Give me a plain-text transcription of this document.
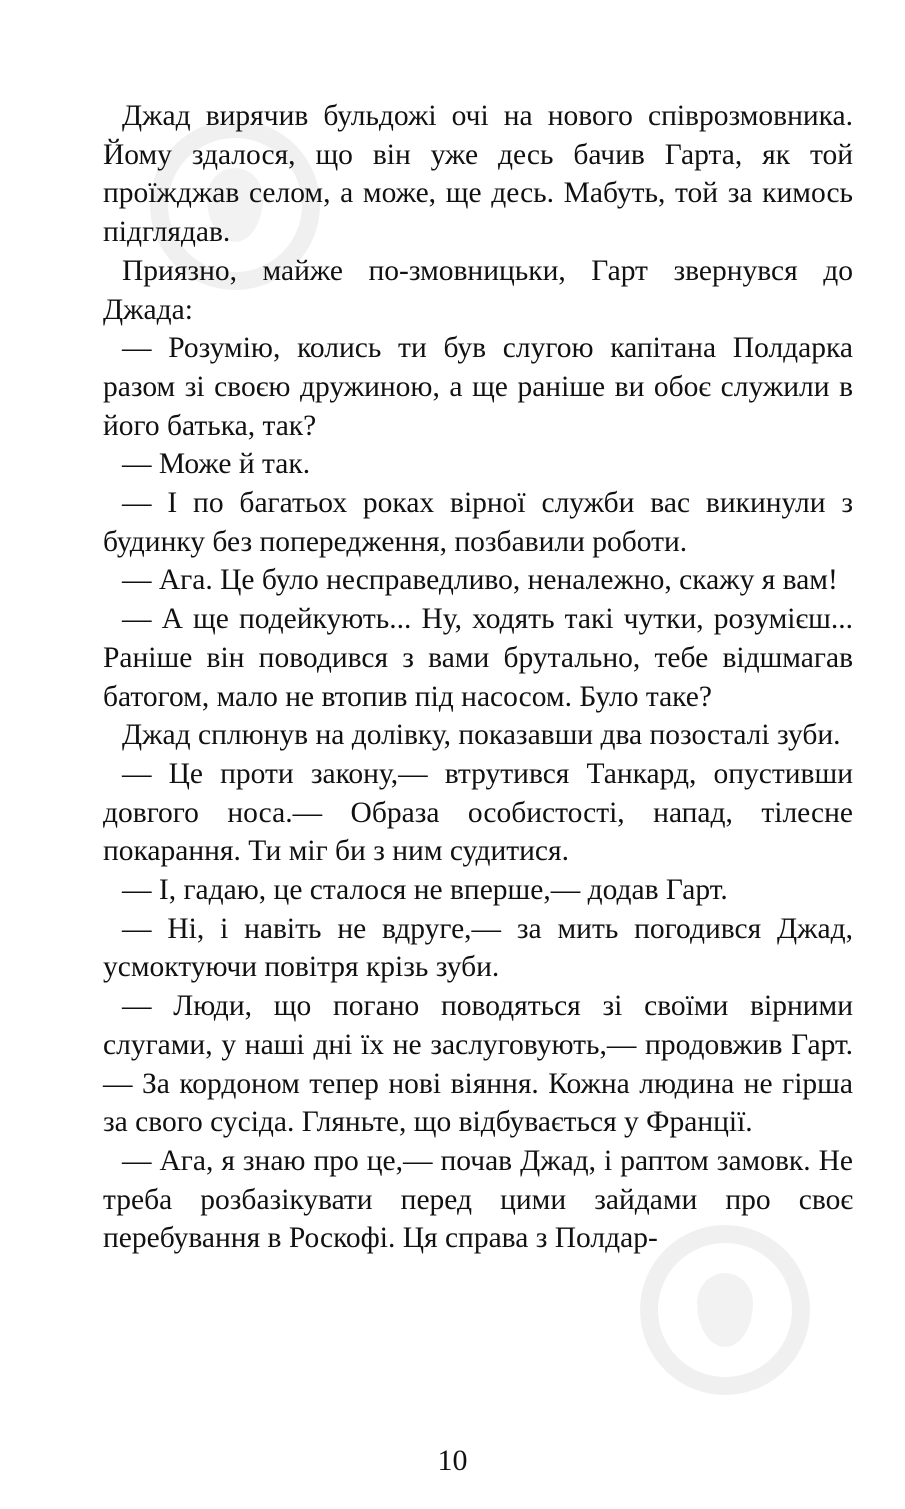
Джад вирячив бульдожі очі на нового співрозмовника. Йому здалося, що він уже десь бачив Гарта, як той проїжджав селом, а може, ще десь. Мабуть, той за кимось підглядав.

Приязно, майже по-змовницьки, Гарт звернувся до Джада:

— Розумію, колись ти був слугою капітана Полдарка разом зі своєю дружиною, а ще раніше ви обоє служили в його батька, так?

— Може й так.

— І по багатьох роках вірної служби вас викинули з будинку без попередження, позбавили роботи.

— Ага. Це було несправедливо, неналежно, скажу я вам!

— А ще подейкують... Ну, ходять такі чутки, розумієш... Раніше він поводився з вами брутально, тебе відшмагав батогом, мало не втопив під насосом. Було таке?

Джад сплюнув на долівку, показавши два позосталі зуби.

— Це проти закону,— втрутився Танкард, опустивши довгого носа.— Образа особистості, напад, тілесне покарання. Ти міг би з ним судитися.

— І, гадаю, це сталося не вперше,— додав Гарт.

— Ні, і навіть не вдруге,— за мить погодився Джад, усмоктуючи повітря крізь зуби.

— Люди, що погано поводяться зі своїми вірними слугами, у наші дні їх не заслуговують,— продовжив Гарт.— За кордоном тепер нові віяння. Кожна людина не гірша за свого сусіда. Гляньте, що відбувається у Франції.

— Ага, я знаю про це,— почав Джад, і раптом замовк. Не треба розбазікувати перед цими зайдами про своє перебування в Роскофі. Ця справа з Полдар-

10
